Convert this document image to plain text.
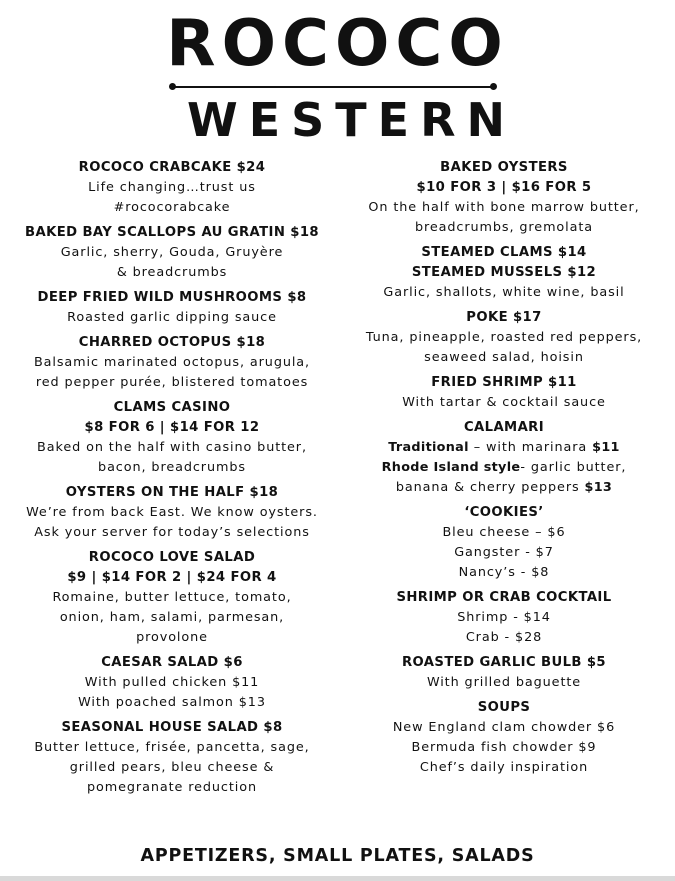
ROCOCO
WESTERN
ROCOCO CRABCAKE $24
Life changing…trust us
#rococorabcake
BAKED BAY SCALLOPS AU GRATIN $18
Garlic, sherry, Gouda, Gruyère
& breadcrumbs
DEEP FRIED WILD MUSHROOMS $8
Roasted garlic dipping sauce
CHARRED OCTOPUS $18
Balsamic marinated octopus, arugula,
red pepper purée, blistered tomatoes
CLAMS CASINO
$8 FOR 6 | $14 FOR 12
Baked on the half with casino butter,
bacon, breadcrumbs
OYSTERS ON THE HALF $18
We’re from back East. We know oysters.
Ask your server for today’s selections
ROCOCO LOVE SALAD
$9 | $14 FOR 2 | $24 FOR 4
Romaine, butter lettuce, tomato,
onion, ham, salami, parmesan,
provolone
CAESAR SALAD $6
With pulled chicken $11
With poached salmon $13
SEASONAL HOUSE SALAD $8
Butter lettuce, frisée, pancetta, sage,
grilled pears, bleu cheese &
pomegranate reduction
BAKED OYSTERS
$10 FOR 3 | $16 FOR 5
On the half with bone marrow butter,
breadcrumbs, gremolata
STEAMED CLAMS $14
STEAMED MUSSELS $12
Garlic, shallots, white wine, basil
POKE $17
Tuna, pineapple, roasted red peppers,
seaweed salad, hoisin
FRIED SHRIMP $11
With tartar & cocktail sauce
CALAMARI
Traditional – with marinara $11
Rhode Island style- garlic butter,
banana & cherry peppers $13
‘COOKIES’
Bleu cheese – $6
Gangster - $7
Nancy’s - $8
SHRIMP OR CRAB COCKTAIL
Shrimp - $14
Crab - $28
ROASTED GARLIC BULB $5
With grilled baguette
SOUPS
New England clam chowder $6
Bermuda fish chowder $9
Chef’s daily inspiration
APPETIZERS, SMALL PLATES, SALADS
